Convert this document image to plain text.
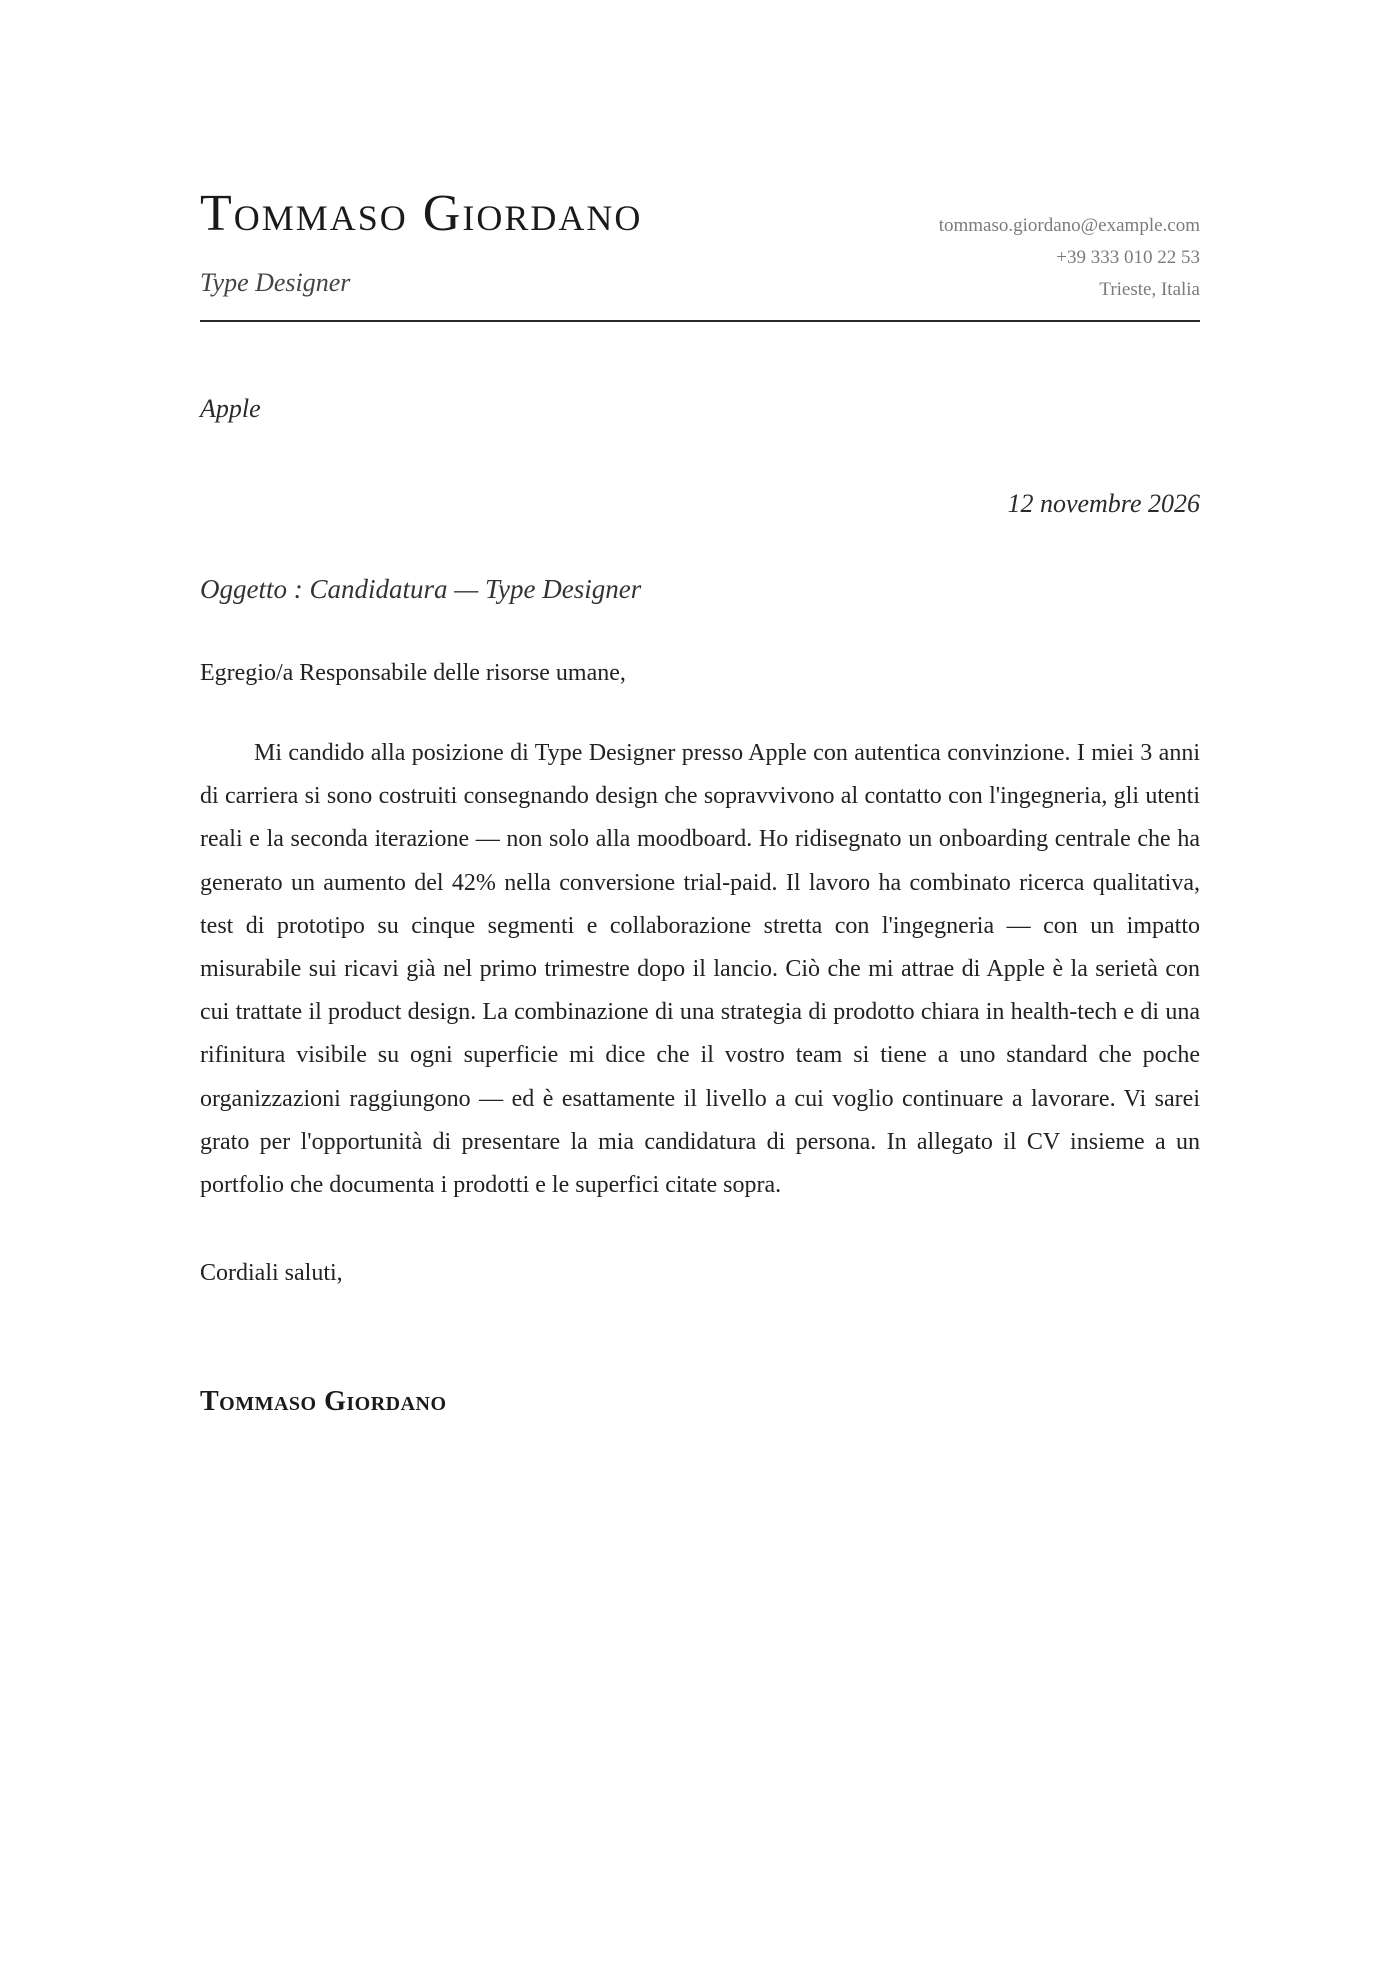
Tommaso Giordano
Type Designer
tommaso.giordano@example.com
+39 333 010 22 53
Trieste, Italia
Apple
12 novembre 2026
Oggetto : Candidatura — Type Designer
Egregio/a Responsabile delle risorse umane,

Mi candido alla posizione di Type Designer presso Apple con autentica convinzione. I miei 3 anni di carriera si sono costruiti consegnando design che sopravvivono al contatto con l'ingegneria, gli utenti reali e la seconda iterazione — non solo alla moodboard. Ho ridisegnato un onboarding centrale che ha generato un aumento del 42% nella conversione trial-paid. Il lavoro ha combinato ricerca qualitativa, test di prototipo su cinque segmenti e collaborazione stretta con l'ingegneria — con un impatto misurabile sui ricavi già nel primo trimestre dopo il lancio. Ciò che mi attrae di Apple è la serietà con cui trattate il product design. La combinazione di una strategia di prodotto chiara in health-tech e di una rifinitura visibile su ogni superficie mi dice che il vostro team si tiene a uno standard che poche organizzazioni raggiungono — ed è esattamente il livello a cui voglio continuare a lavorare. Vi sarei grato per l'opportunità di presentare la mia candidatura di persona. In allegato il CV insieme a un portfolio che documenta i prodotti e le superfici citate sopra.

Cordiali saluti,
Tommaso Giordano
